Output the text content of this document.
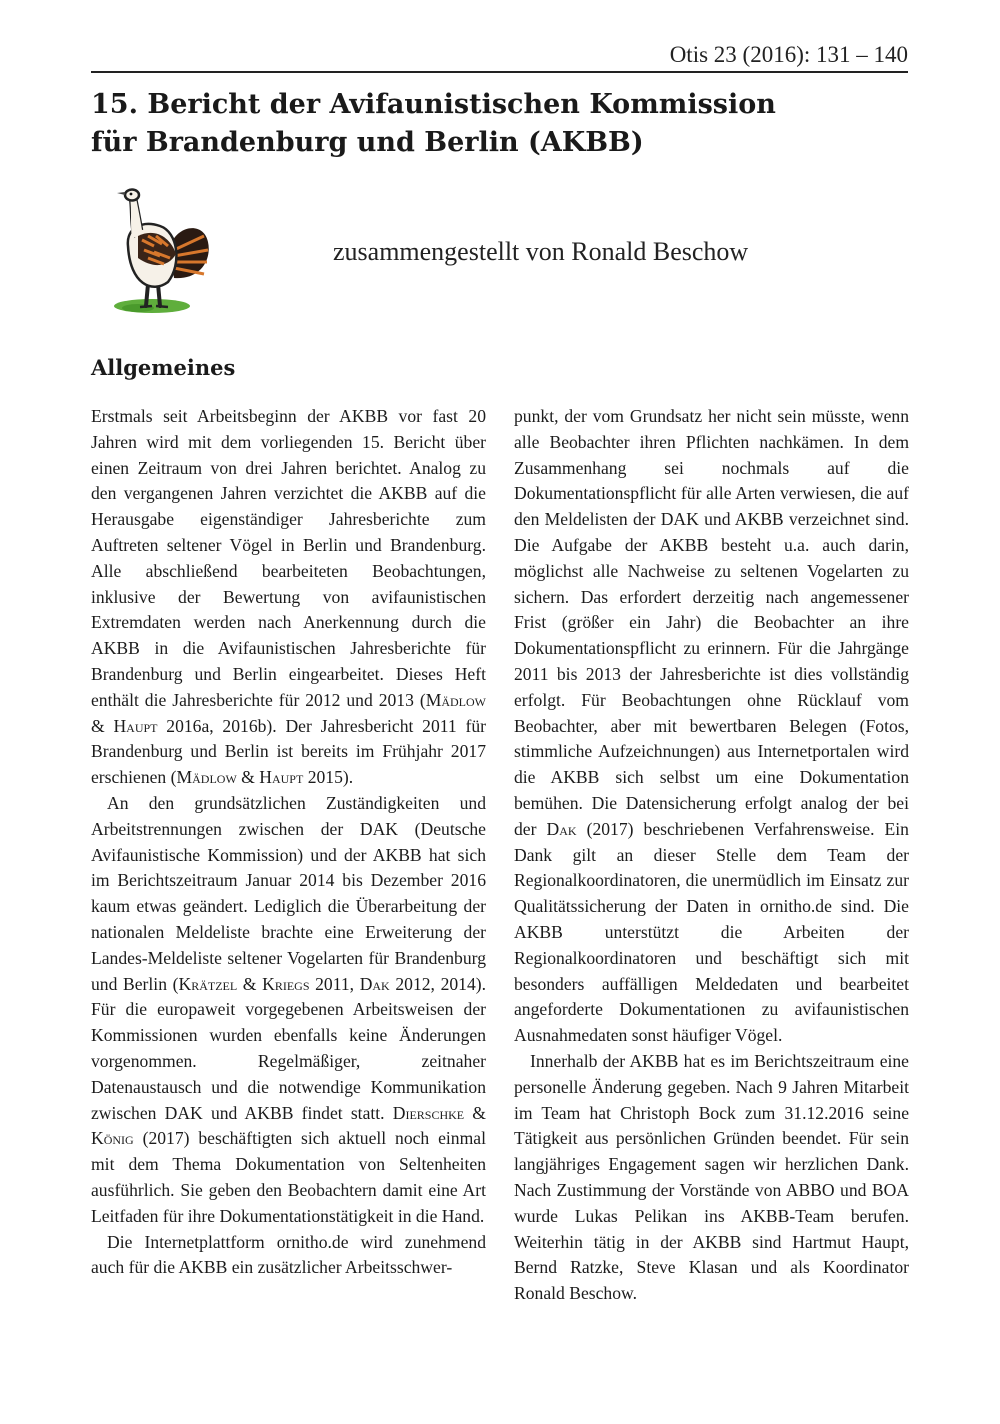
Otis 23 (2016): 131 – 140
15. Bericht der Avifaunistischen Kommission
für Brandenburg und Berlin (AKBB)
zusammengestellt von Ronald Beschow
Allgemeines

Erstmals seit Arbeitsbeginn der AKBB vor fast 20 Jahren wird mit dem vorliegenden 15. Bericht über einen Zeitraum von drei Jahren berichtet. Analog zu den vergangenen Jahren verzichtet die AKBB auf die Herausgabe eigenständiger Jahresberichte zum Auftreten seltener Vögel in Berlin und Brandenburg. Alle abschließend bearbeiteten Beobachtungen, inklusive der Bewertung von avifaunistischen Extremdaten werden nach Anerkennung durch die AKBB in die Avifaunistischen Jahresberichte für Brandenburg und Berlin eingearbeitet. Dieses Heft enthält die Jahresberichte für 2012 und 2013 (Mädlow & Haupt 2016a, 2016b). Der Jahresbericht 2011 für Brandenburg und Berlin ist bereits im Frühjahr 2017 erschienen (Mädlow & Haupt 2015).

An den grundsätzlichen Zuständigkeiten und Arbeitstrennungen zwischen der DAK (Deutsche Avifaunistische Kommission) und der AKBB hat sich im Berichtszeitraum Januar 2014 bis Dezember 2016 kaum etwas geändert. Lediglich die Überarbeitung der nationalen Meldeliste brachte eine Erweiterung der Landes-Meldeliste seltener Vogelarten für Brandenburg und Berlin (Krätzel & Kriegs 2011, Dak 2012, 2014). Für die europaweit vorgegebenen Arbeitsweisen der Kommissionen wurden ebenfalls keine Änderungen vorgenommen. Regelmäßiger, zeitnaher Datenaustausch und die notwendige Kommunikation zwischen DAK und AKBB findet statt. Dierschke & König (2017) beschäftigten sich aktuell noch einmal mit dem Thema Dokumentation von Seltenheiten ausführlich. Sie geben den Beobachtern damit eine Art Leitfaden für ihre Dokumentationstätigkeit in die Hand.

Die Internetplattform ornitho.de wird zunehmend auch für die AKBB ein zusätzlicher Arbeitsschwer-

punkt, der vom Grundsatz her nicht sein müsste, wenn alle Beobachter ihren Pflichten nachkämen. In dem Zusammenhang sei nochmals auf die Dokumentationspflicht für alle Arten verwiesen, die auf den Meldelisten der DAK und AKBB verzeichnet sind. Die Aufgabe der AKBB besteht u.a. auch darin, möglichst alle Nachweise zu seltenen Vogelarten zu sichern. Das erfordert derzeitig nach angemessener Frist (größer ein Jahr) die Beobachter an ihre Dokumentationspflicht zu erinnern. Für die Jahrgänge 2011 bis 2013 der Jahresberichte ist dies vollständig erfolgt. Für Beobachtungen ohne Rücklauf vom Beobachter, aber mit bewertbaren Belegen (Fotos, stimmliche Aufzeichnungen) aus Internetportalen wird die AKBB sich selbst um eine Dokumentation bemühen. Die Datensicherung erfolgt analog der bei der Dak (2017) beschriebenen Verfahrensweise. Ein Dank gilt an dieser Stelle dem Team der Regionalkoordinatoren, die unermüdlich im Einsatz zur Qualitätssicherung der Daten in ornitho.de sind. Die AKBB unterstützt die Arbeiten der Regionalkoordinatoren und beschäftigt sich mit besonders auffälligen Meldedaten und bearbeitet angeforderte Dokumentationen zu avifaunistischen Ausnahmedaten sonst häufiger Vögel.

Innerhalb der AKBB hat es im Berichtszeitraum eine personelle Änderung gegeben. Nach 9 Jahren Mitarbeit im Team hat Christoph Bock zum 31.12.2016 seine Tätigkeit aus persönlichen Gründen beendet. Für sein langjähriges Engagement sagen wir herzlichen Dank. Nach Zustimmung der Vorstände von ABBO und BOA wurde Lukas Pelikan ins AKBB-Team berufen. Weiterhin tätig in der AKBB sind Hartmut Haupt, Bernd Ratzke, Steve Klasan und als Koordinator Ronald Beschow.
